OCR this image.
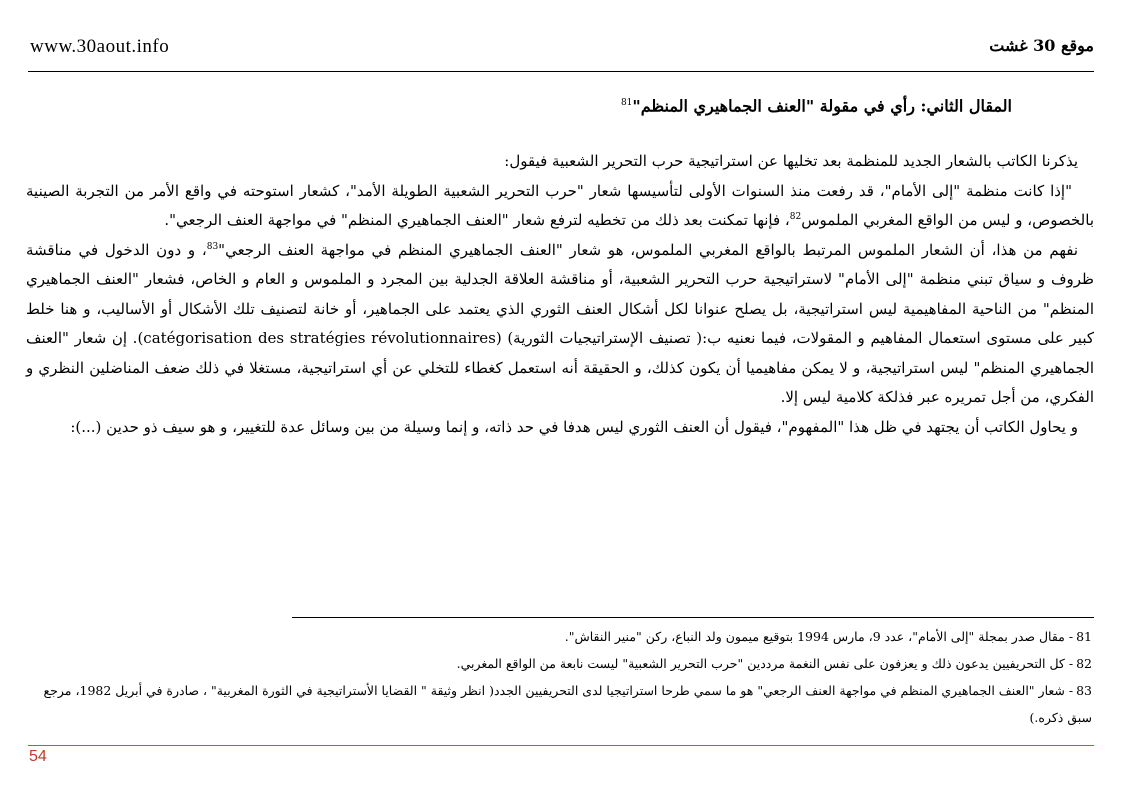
www.30aout.info	موقع 30 غشت
المقال الثاني: رأي في مقولة "العنف الجماهيري المنظم"$^{81}$

يذكرنا الكاتب بالشعار الجديد للمنظمة بعد تخليها عن استراتيجية حرب التحرير الشعبية فيقول:

"إذا كانت منظمة "إلى الأمام"، قد رفعت منذ السنوات الأولى لتأسيسها شعار "حرب التحرير الشعبية الطويلة الأمد"، كشعار استوحته في واقع الأمر من التجربة الصينية بالخصوص، و ليس من الواقع المغربي الملموس$^{82}$، فإنها تمكنت بعد ذلك من تخطيه لترفع شعار "العنف الجماهيري المنظم" في مواجهة العنف الرجعي".

نفهم من هذا، أن الشعار الملموس المرتبط بالواقع المغربي الملموس، هو شعار "العنف الجماهيري المنظم في مواجهة العنف الرجعي"$^{83}$، و دون الدخول في مناقشة ظروف و سياق تبني منظمة "إلى الأمام" لاستراتيجية حرب التحرير الشعبية، أو مناقشة العلاقة الجدلية بين المجرد و الملموس و العام و الخاص، فشعار "العنف الجماهيري المنظم" من الناحية المفاهيمية ليس استراتيجية، بل يصلح عنوانا لكل أشكال العنف الثوري الذي يعتمد على الجماهير، أو خانة لتصنيف تلك الأشكال أو الأساليب، و هنا خلط كبير على مستوى استعمال المفاهيم و المقولات، فيما نعنيه ب:( تصنيف الإستراتيجيات الثورية) (catégorisation des stratégies révolutionnaires). إن شعار "العنف الجماهيري المنظم" ليس استراتيجية، و لا يمكن مفاهيميا أن يكون كذلك، و الحقيقة أنه استعمل كغطاء للتخلي عن أي استراتيجية، مستغلا في ذلك ضعف المناضلين النظري و الفكري، من أجل تمريره عبر فذلكة كلامية ليس إلا.

و يحاول الكاتب أن يجتهد في ظل هذا "المفهوم"، فيقول أن العنف الثوري ليس هدفا في حد ذاته، و إنما وسيلة من بين وسائل عدة للتغيير، و هو سيف ذو حدين (...):

81- مقال صدر بمجلة "إلى الأمام"، عدد 9، مارس 1994 بتوقيع ميمون ولد النباع، ركن "منير النقاش".

82- كل التحريفيين يدعون ذلك و يعزفون على نفس النغمة مرددين "حرب التحرير الشعبية" ليست نابعة من الواقع المغربي.

83- شعار "العنف الجماهيري المنظم في مواجهة العنف الرجعي" هو ما سمي طرحا استراتيجيا لدى التحريفيين الجدد( انظر وثيقة " القضايا الأستراتيجية في الثورة المغربية" ، صادرة في أبريل 1982، مرجع سبق ذكره.)

54
